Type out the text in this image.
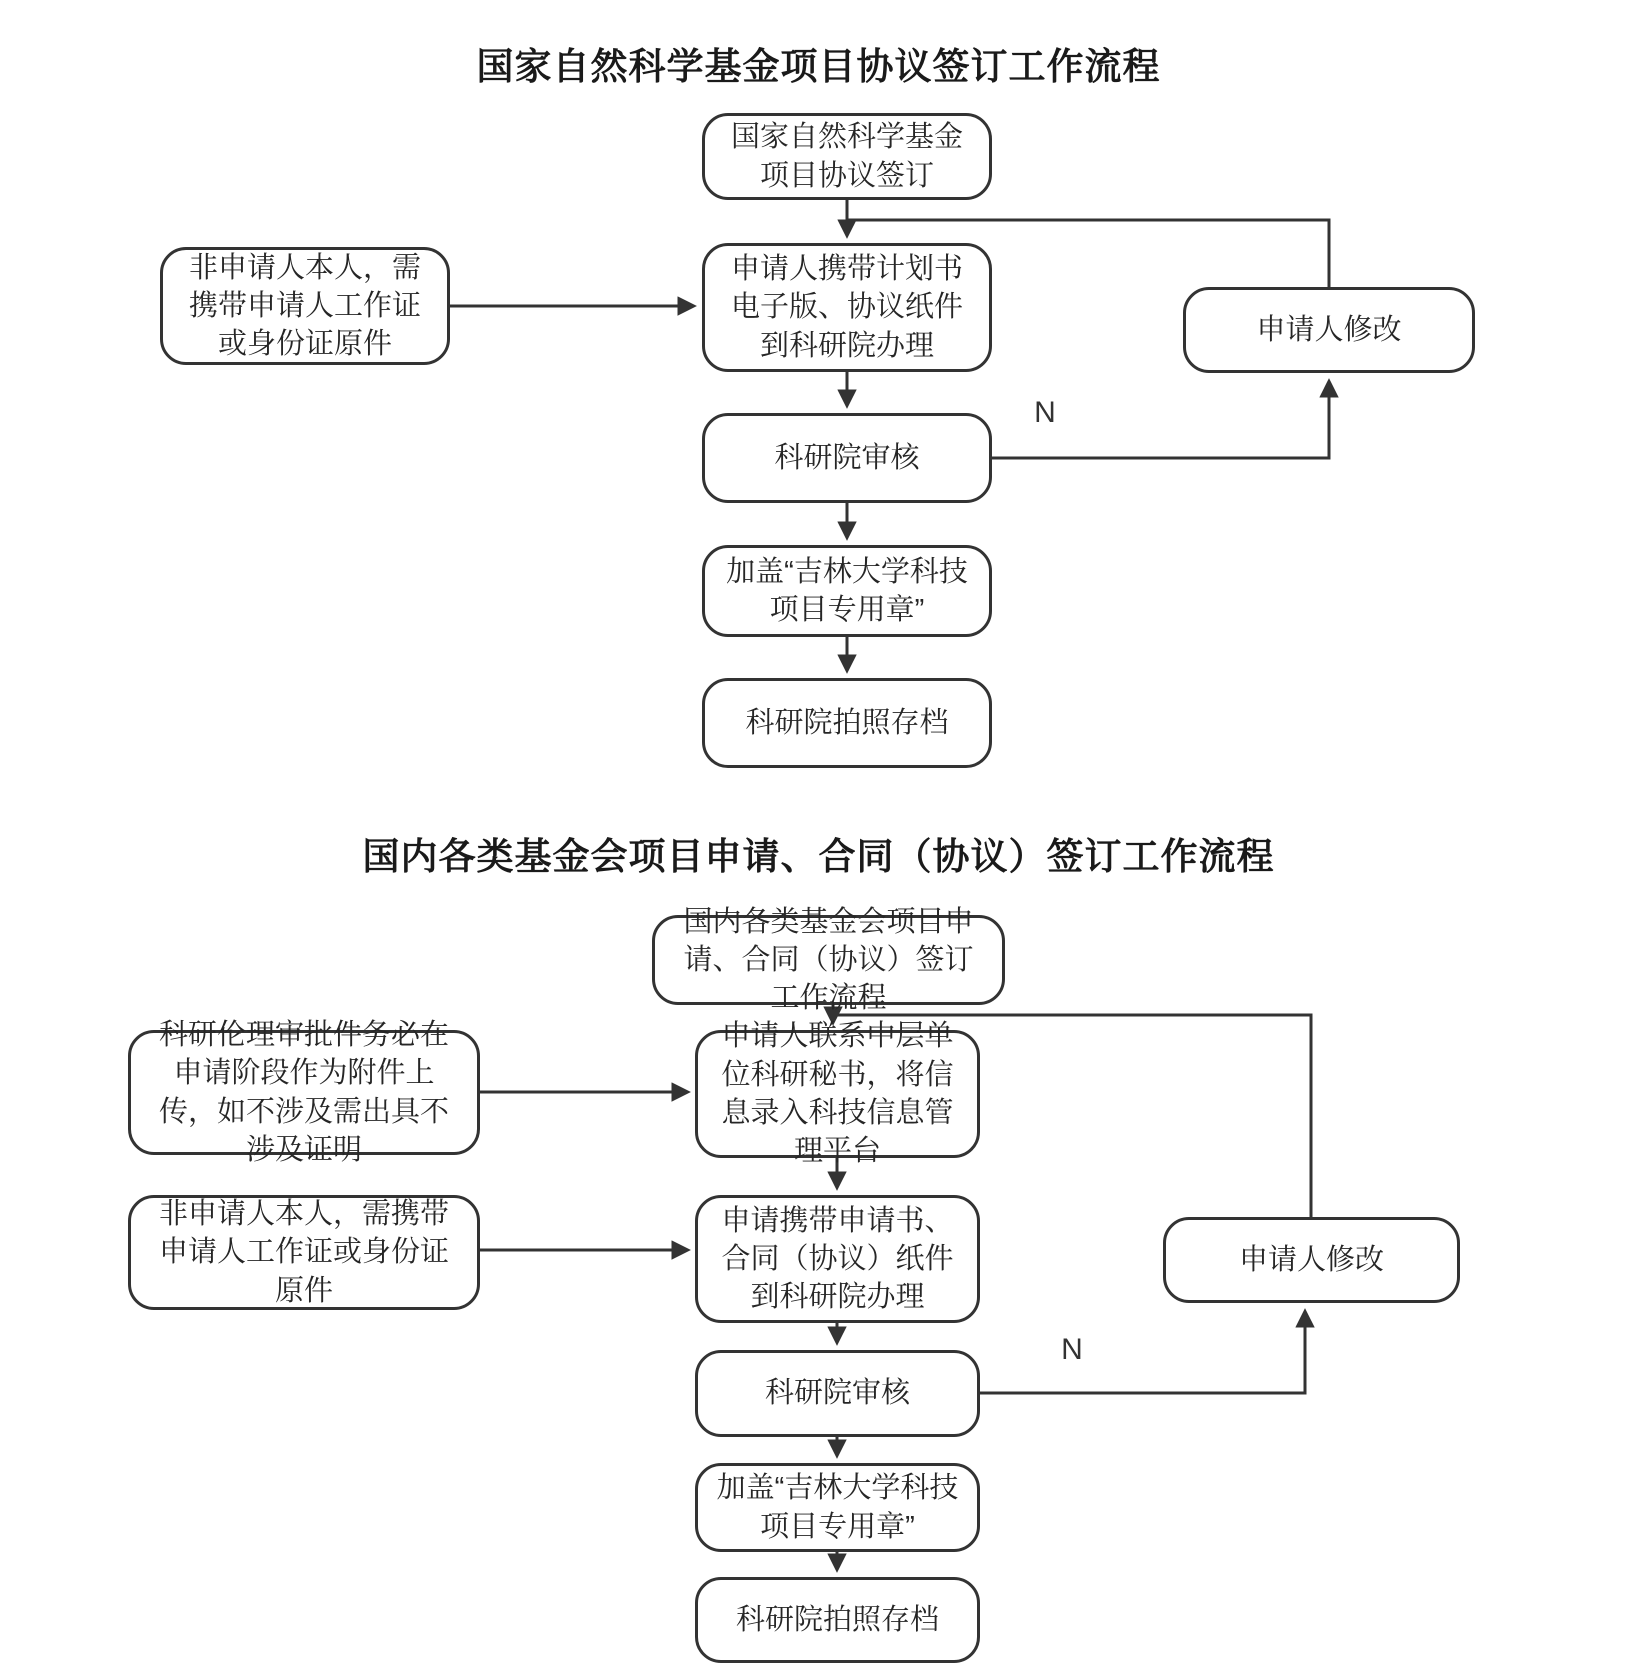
国家自然科学基金项目协议签订工作流程
国家自然科学基金项目协议签订
非申请人本人，需携带申请人工作证或身份证原件
申请人携带计划书电子版、协议纸件到科研院办理	申请人修改
科研院审核
N
加盖“吉林大学科技项目专用章”
科研院拍照存档
国内各类基金会项目申请、合同（协议）签订工作流程
国内各类基金会项目申请、合同（协议）签订工作流程
科研伦理审批件务必在申请阶段作为附件上传，如不涉及需出具不涉及证明
申请人联系中层单位科研秘书，将信息录入科技信息管理平台
非申请人本人，需携带申请人工作证或身份证原件
申请携带申请书、合同（协议）纸件到科研院办理
申请人修改
科研院审核
N
加盖“吉林大学科技项目专用章”
科研院拍照存档
